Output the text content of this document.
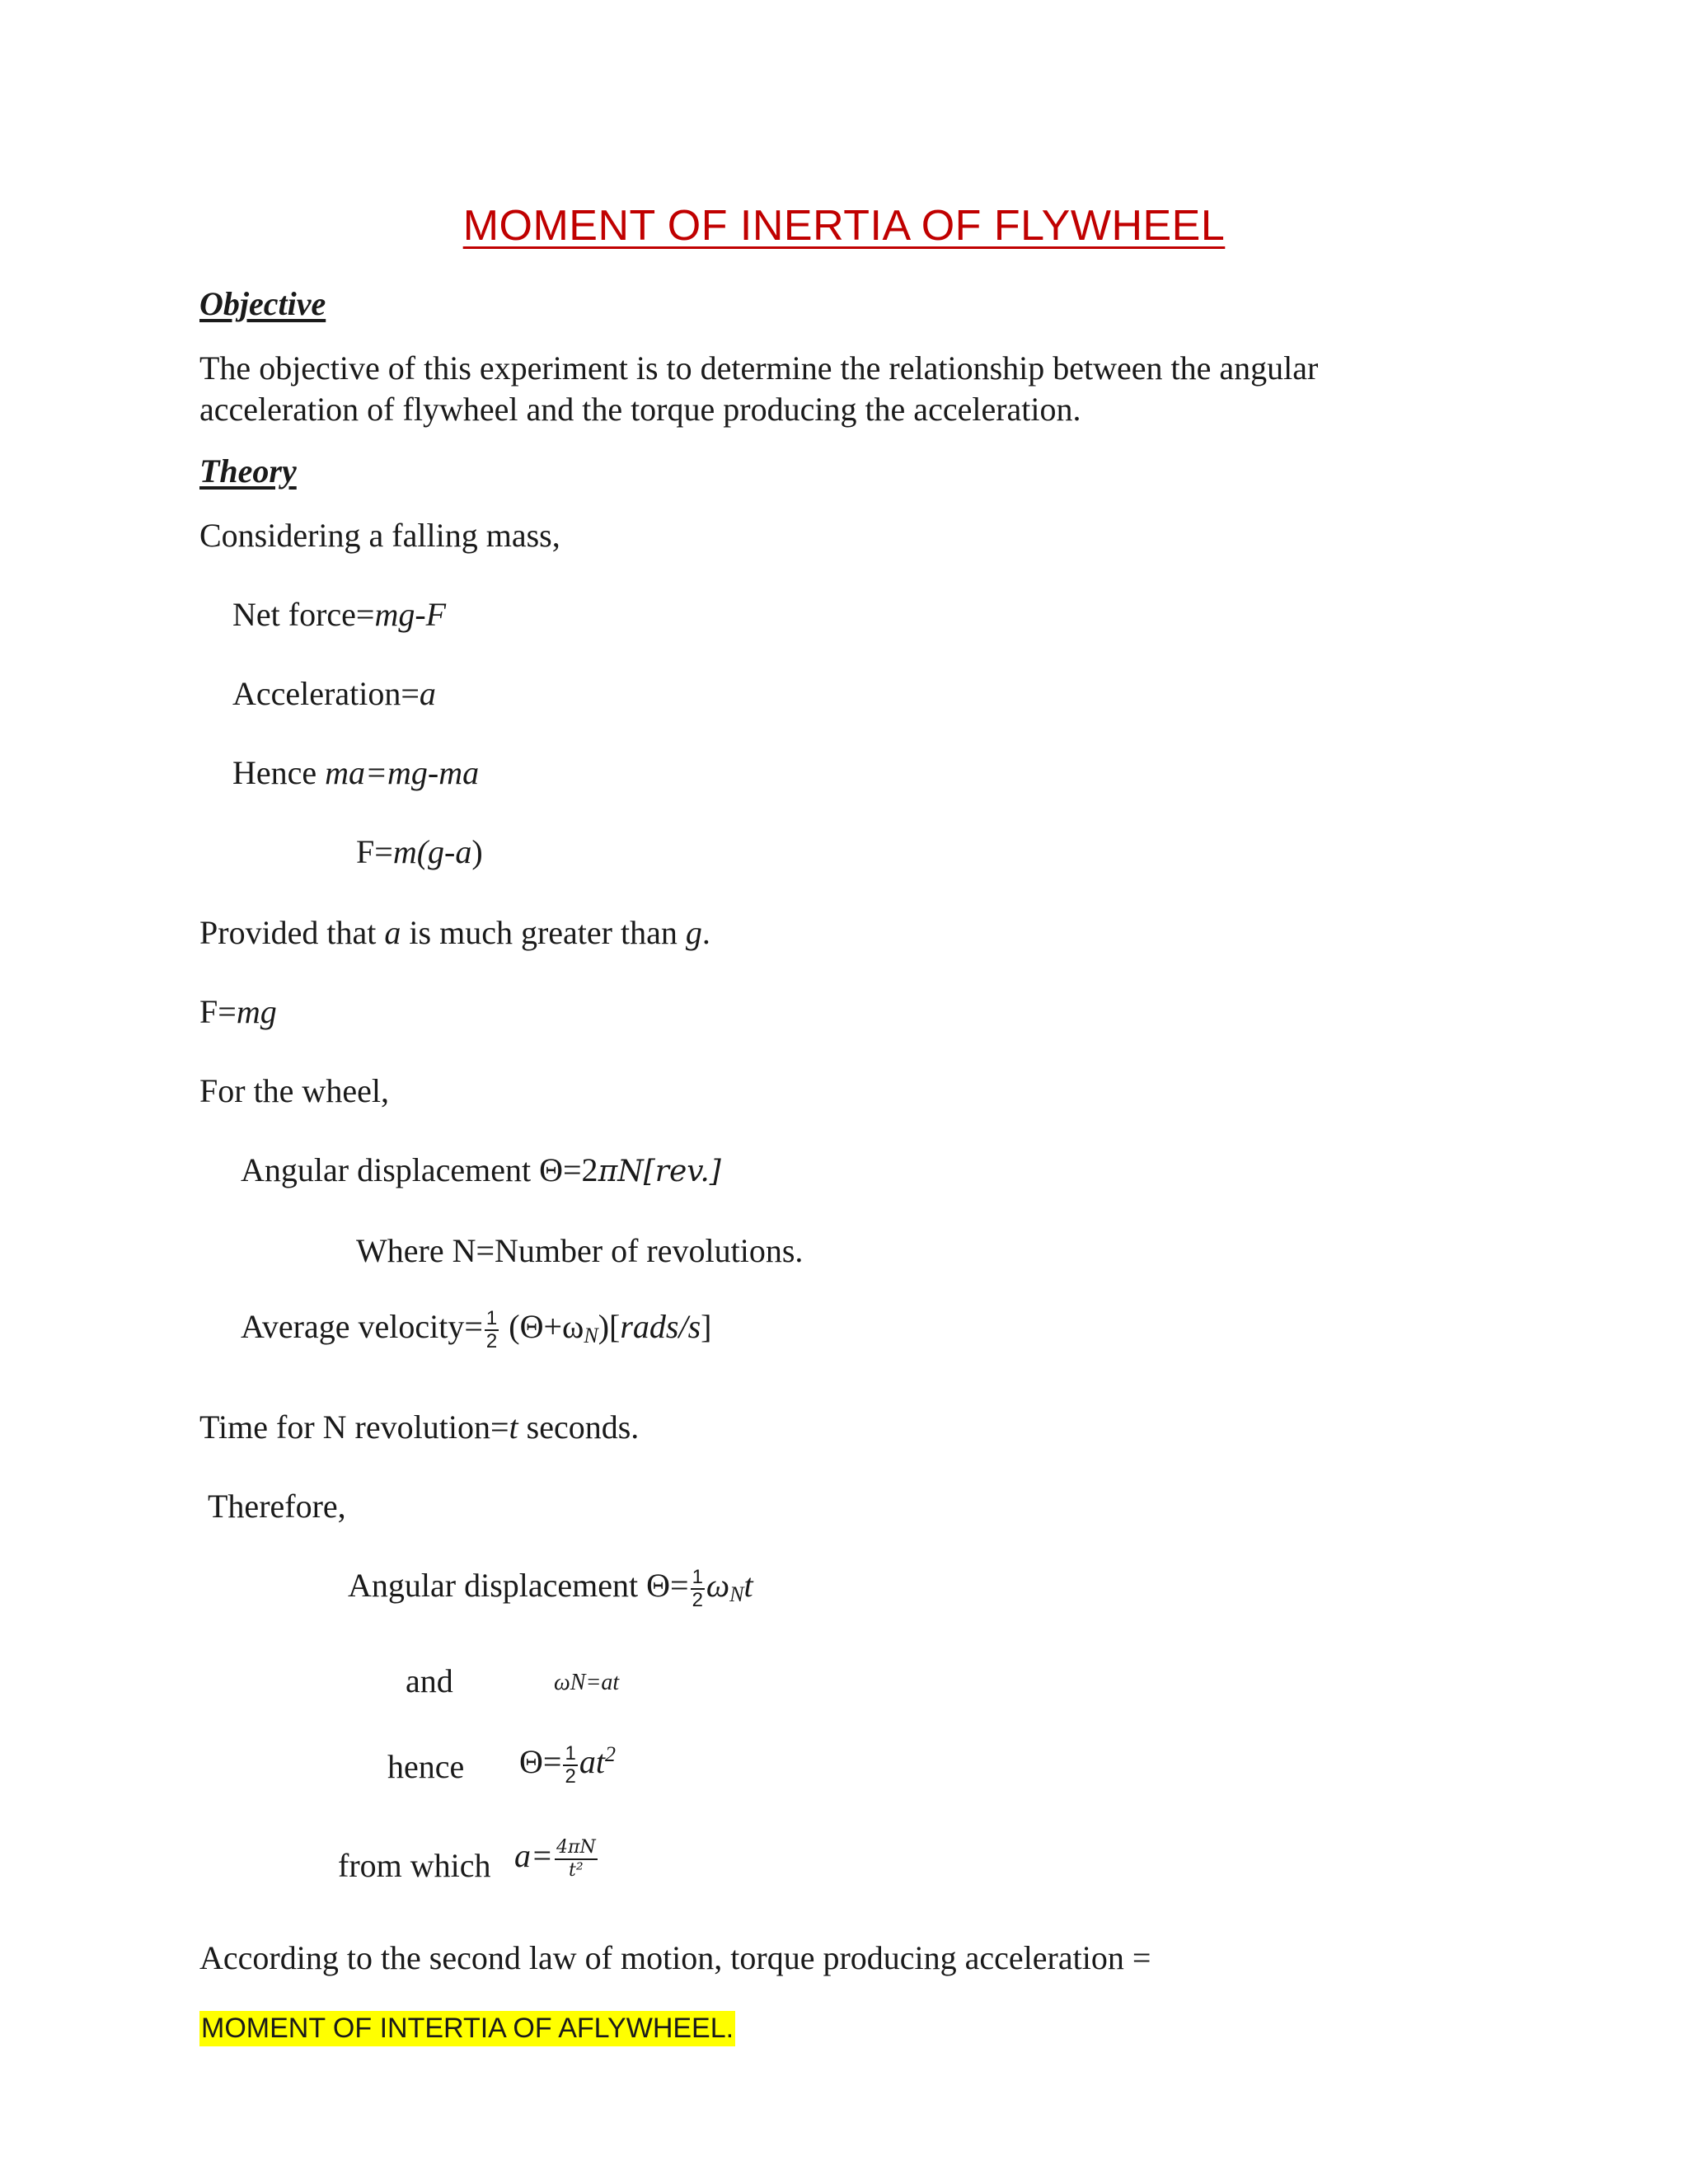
MOMENT OF INERTIA OF FLYWHEEL
Objective
The objective of this experiment is to determine the relationship between the angular acceleration of flywheel and the torque producing the acceleration.
Theory
Considering a falling mass,
Net force=mg-F
Acceleration=a
Hence ma=mg-ma
F=m(g-a)
Provided that a is much greater than g.
F=mg
For the wheel,
Angular displacement Θ=2πN[rev.]
Where N=Number of revolutions.
Average velocity= $\frac{1}{2}$ $(\Theta+\omega_N)[rads/s]$
Time for N revolution=t seconds.
Therefore,
Angular displacement $\Theta= \frac{1}{2} \omega_Nt$
and	ωN=at
hence $\Theta= \frac{1}{2} at^2$
from which $a= \frac{4\pi N}{\text{t²}}$
According to the second law of motion, torque producing acceleration =
MOMENT OF INTERTIA OF AFLYWHEEL.
